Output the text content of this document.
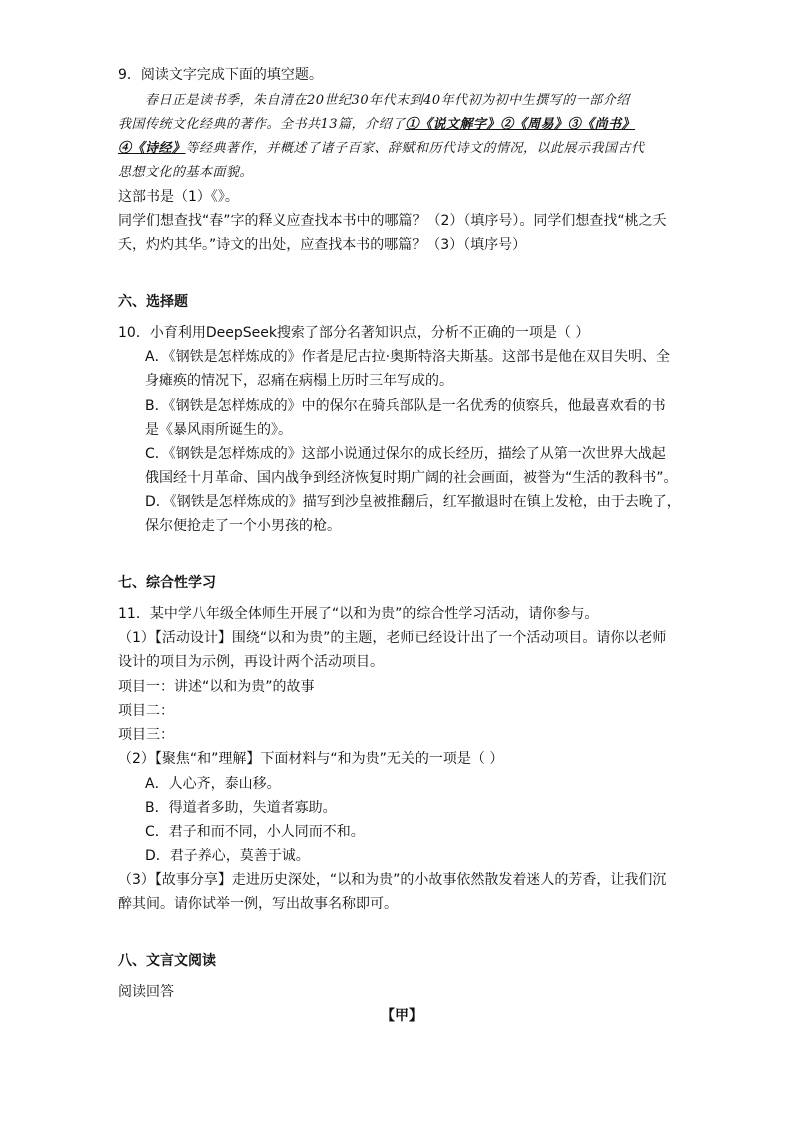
9．阅读文字完成下面的填空题。
春日正是读书季，朱自清在20世纪30年代末到40年代初为初中生撰写的一部介绍
我国传统文化经典的著作。全书共13篇，介绍了①《说文解字》②《周易》③《尚书》
④《诗经》等经典著作，并概述了诸子百家、辞赋和历代诗文的情况，以此展示我国古代
思想文化的基本面貌。
这部书是（1）《》。
同学们想查找“春”字的释义应查找本书中的哪篇？（2）（填序号）。同学们想查找“桃之夭
夭，灼灼其华。”诗文的出处，应查找本书的哪篇？（3）（填序号）
六、选择题
10．小育利用DeepSeek搜索了部分名著知识点，分析不正确的一项是（ ）
A．《钢铁是怎样炼成的》作者是尼古拉·奥斯特洛夫斯基。这部书是他在双目失明、全
身瘫痪的情况下，忍痛在病榻上历时三年写成的。
B．《钢铁是怎样炼成的》中的保尔在骑兵部队是一名优秀的侦察兵，他最喜欢看的书
是《暴风雨所诞生的》。
C．《钢铁是怎样炼成的》这部小说通过保尔的成长经历，描绘了从第一次世界大战起
俄国经十月革命、国内战争到经济恢复时期广阔的社会画面，被誉为“生活的教科书”。
D．《钢铁是怎样炼成的》描写到沙皇被推翻后，红军撤退时在镇上发枪，由于去晚了，
保尔便抢走了一个小男孩的枪。
七、综合性学习
11．某中学八年级全体师生开展了“以和为贵”的综合性学习活动，请你参与。
（1）【活动设计】围绕“以和为贵”的主题，老师已经设计出了一个活动项目。请你以老师
设计的项目为示例，再设计两个活动项目。
项目一：讲述“以和为贵”的故事
项目二：
项目三：
（2）【聚焦“和”理解】下面材料与“和为贵”无关的一项是（ ）
A．人心齐，泰山移。
B．得道者多助，失道者寡助。
C．君子和而不同，小人同而不和。
D．君子养心，莫善于诚。
（3）【故事分享】走进历史深处，“以和为贵”的小故事依然散发着迷人的芳香，让我们沉
醉其间。请你试举一例，写出故事名称即可。
八、文言文阅读
阅读回答
【甲】
